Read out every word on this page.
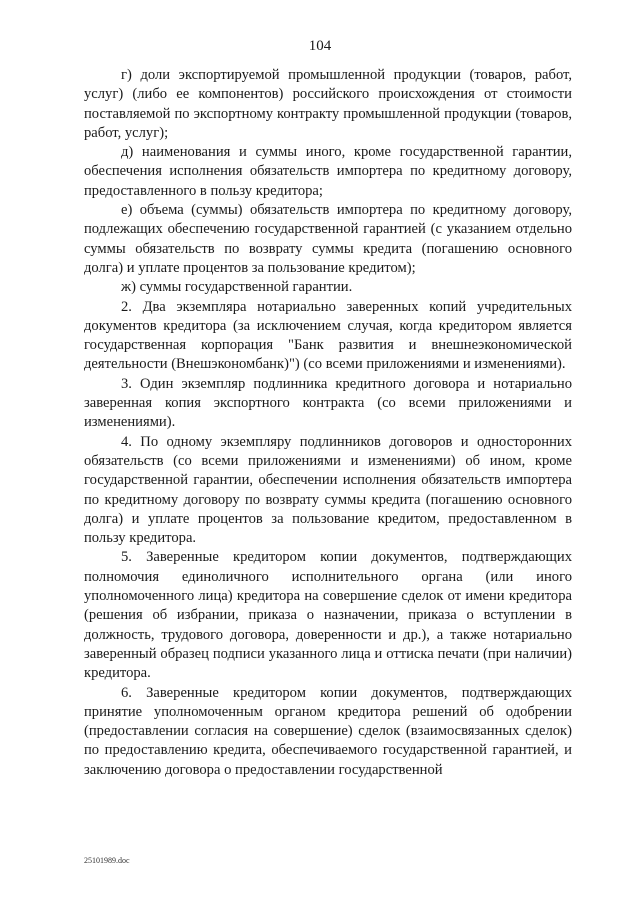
104

г) доли экспортируемой промышленной продукции (товаров, работ, услуг) (либо ее компонентов) российского происхождения от стоимости поставляемой по экспортному контракту промышленной продукции (товаров, работ, услуг);

д) наименования и суммы иного, кроме государственной гарантии, обеспечения исполнения обязательств импортера по кредитному договору, предоставленного в пользу кредитора;

е) объема (суммы) обязательств импортера по кредитному договору, подлежащих обеспечению государственной гарантией (с указанием отдельно суммы обязательств по возврату суммы кредита (погашению основного долга) и уплате процентов за пользование кредитом);

ж) суммы государственной гарантии.

2. Два экземпляра нотариально заверенных копий учредительных документов кредитора (за исключением случая, когда кредитором является государственная корпорация "Банк развития и внешнеэкономической деятельности (Внешэкономбанк)") (со всеми приложениями и изменениями).

3. Один экземпляр подлинника кредитного договора и нотариально заверенная копия экспортного контракта (со всеми приложениями и изменениями).

4. По одному экземпляру подлинников договоров и односторонних обязательств (со всеми приложениями и изменениями) об ином, кроме государственной гарантии, обеспечении исполнения обязательств импортера по кредитному договору по возврату суммы кредита (погашению основного долга) и уплате процентов за пользование кредитом, предоставленном в пользу кредитора.

5. Заверенные кредитором копии документов, подтверждающих полномочия единоличного исполнительного органа (или иного уполномоченного лица) кредитора на совершение сделок от имени кредитора (решения об избрании, приказа о назначении, приказа о вступлении в должность, трудового договора, доверенности и др.), а также нотариально заверенный образец подписи указанного лица и оттиска печати (при наличии) кредитора.

6. Заверенные кредитором копии документов, подтверждающих принятие уполномоченным органом кредитора решений об одобрении (предоставлении согласия на совершение) сделок (взаимосвязанных сделок) по предоставлению кредита, обеспечиваемого государственной гарантией, и заключению договора о предоставлении государственной

25101989.doc
